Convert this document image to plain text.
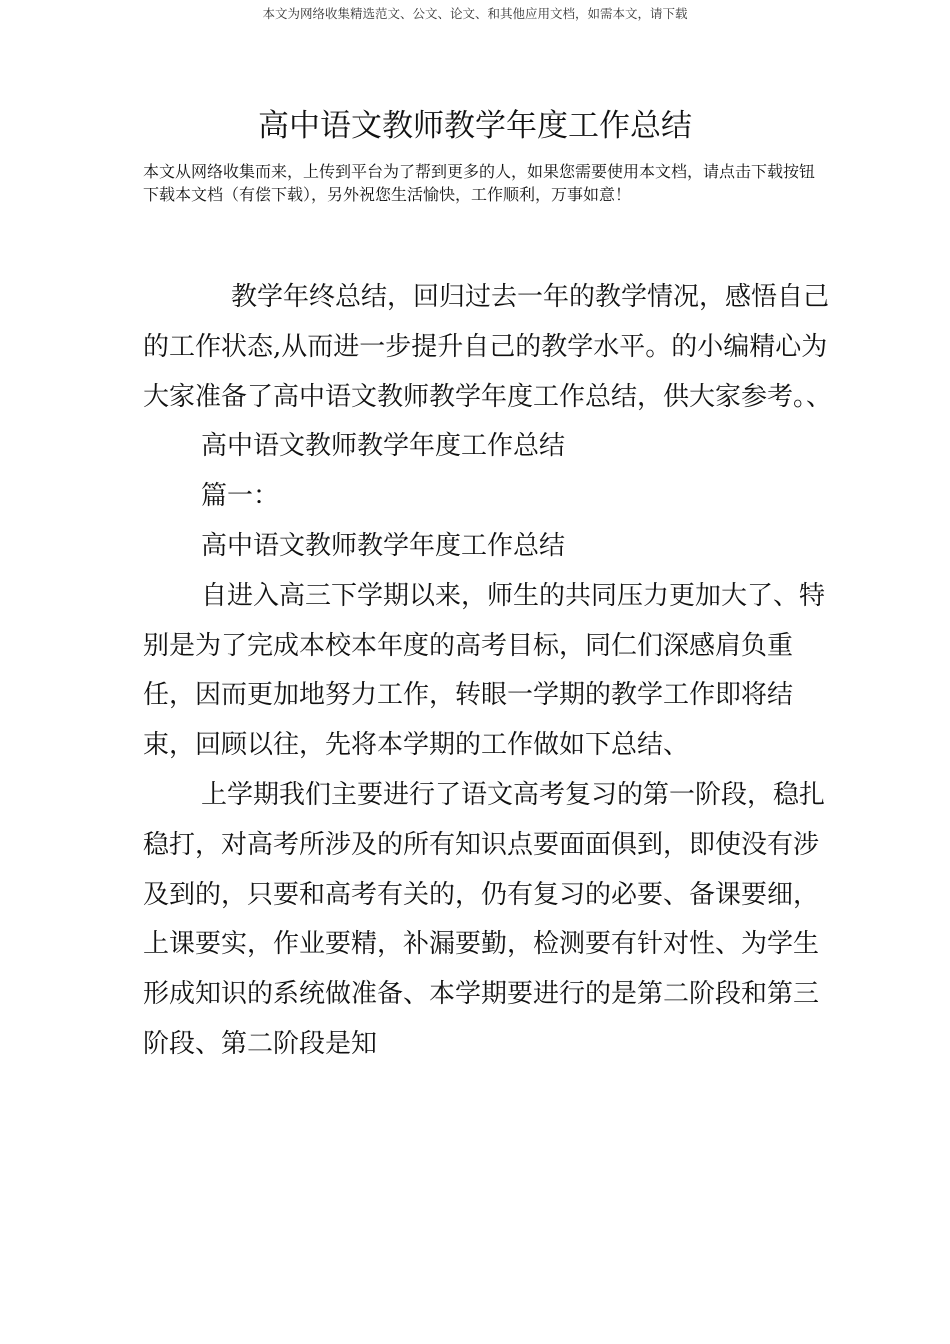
本文为网络收集精选范文、公文、论文、和其他应用文档，如需本文，请下载
高中语文教师教学年度工作总结

本文从网络收集而来，上传到平台为了帮到更多的人，如果您需要使用本文档，请点击下载按钮下载本文档（有偿下载），另外祝您生活愉快，工作顺利，万事如意！

教学年终总结，回归过去一年的教学情况，感悟自己的工作状态,从而进一步提升自己的教学水平。的小编精心为大家准备了高中语文教师教学年度工作总结，供大家参考。、

高中语文教师教学年度工作总结

篇一：

高中语文教师教学年度工作总结

自进入高三下学期以来，师生的共同压力更加大了、特别是为了完成本校本年度的高考目标，同仁们深感肩负重任，因而更加地努力工作，转眼一学期的教学工作即将结束，回顾以往，先将本学期的工作做如下总结、

上学期我们主要进行了语文高考复习的第一阶段，稳扎稳打，对高考所涉及的所有知识点要面面俱到，即使没有涉及到的，只要和高考有关的，仍有复习的必要、备课要细，上课要实，作业要精，补漏要勤，检测要有针对性、为学生形成知识的系统做准备、本学期要进行的是第二阶段和第三阶段、第二阶段是知
